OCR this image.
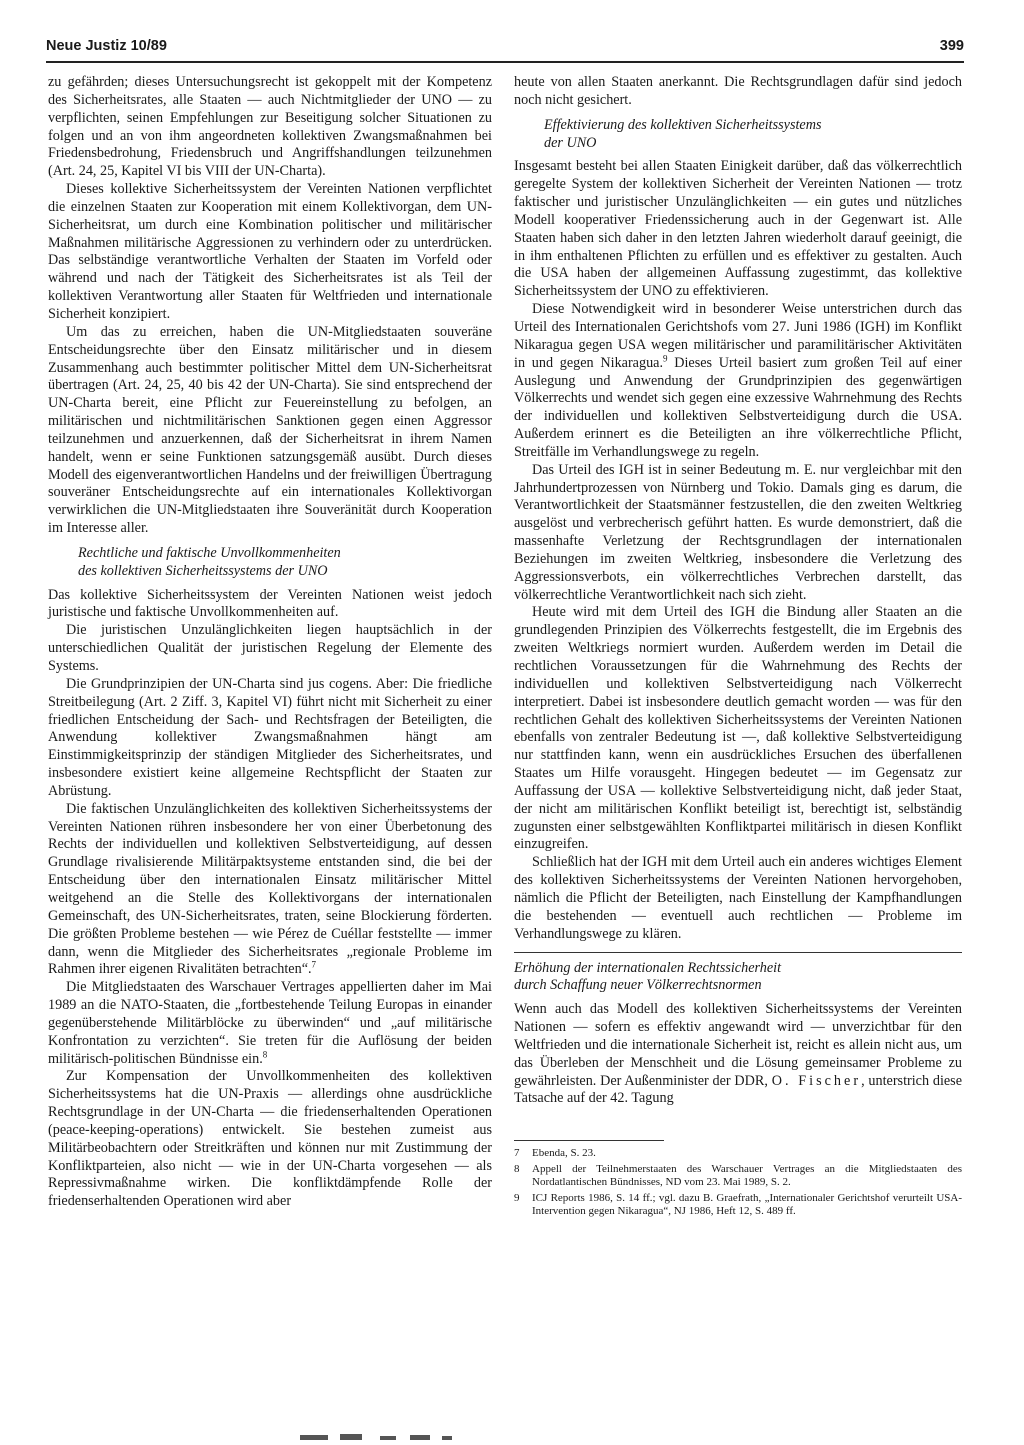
Neue Justiz 10/89	399

zu gefährden; dieses Untersuchungsrecht ist gekoppelt mit der Kompetenz des Sicherheitsrates, alle Staaten — auch Nichtmitglieder der UNO — zu verpflichten, seinen Empfehlungen zur Beseitigung solcher Situationen zu folgen und an von ihm angeordneten kollektiven Zwangsmaßnahmen bei Friedensbedrohung, Friedensbruch und Angriffshandlungen teilzunehmen (Art. 24, 25, Kapitel VI bis VIII der UN-Charta).

Dieses kollektive Sicherheitssystem der Vereinten Nationen verpflichtet die einzelnen Staaten zur Kooperation mit einem Kollektivorgan, dem UN-Sicherheitsrat, um durch eine Kombination politischer und militärischer Maßnahmen militärische Aggressionen zu verhindern oder zu unterdrücken. Das selbständige verantwortliche Verhalten der Staaten im Vorfeld oder während und nach der Tätigkeit des Sicherheitsrates ist als Teil der kollektiven Verantwortung aller Staaten für Weltfrieden und internationale Sicherheit konzipiert.

Um das zu erreichen, haben die UN-Mitgliedstaaten souveräne Entscheidungsrechte über den Einsatz militärischer und in diesem Zusammenhang auch bestimmter politischer Mittel dem UN-Sicherheitsrat übertragen (Art. 24, 25, 40 bis 42 der UN-Charta). Sie sind entsprechend der UN-Charta bereit, eine Pflicht zur Feuereinstellung zu befolgen, an militärischen und nichtmilitärischen Sanktionen gegen einen Aggressor teilzunehmen und anzuerkennen, daß der Sicherheitsrat in ihrem Namen handelt, wenn er seine Funktionen satzungsgemäß ausübt. Durch dieses Modell des eigenverantwortlichen Handelns und der freiwilligen Übertragung souveräner Entscheidungsrechte auf ein internationales Kollektivorgan verwirklichen die UN-Mitgliedstaaten ihre Souveränität durch Kooperation im Interesse aller.

Rechtliche und faktische Unvollkommenheiten
des kollektiven Sicherheitssystems der UNO

Das kollektive Sicherheitssystem der Vereinten Nationen weist jedoch juristische und faktische Unvollkommenheiten auf.

Die juristischen Unzulänglichkeiten liegen hauptsächlich in der unterschiedlichen Qualität der juristischen Regelung der Elemente des Systems.

Die Grundprinzipien der UN-Charta sind jus cogens. Aber: Die friedliche Streitbeilegung (Art. 2 Ziff. 3, Kapitel VI) führt nicht mit Sicherheit zu einer friedlichen Entscheidung der Sach- und Rechtsfragen der Beteiligten, die Anwendung kollektiver Zwangsmaßnahmen hängt am Einstimmigkeitsprinzip der ständigen Mitglieder des Sicherheitsrates, und insbesondere existiert keine allgemeine Rechtspflicht der Staaten zur Abrüstung.

Die faktischen Unzulänglichkeiten des kollektiven Sicherheitssystems der Vereinten Nationen rühren insbesondere her von einer Überbetonung des Rechts der individuellen und kollektiven Selbstverteidigung, auf dessen Grundlage rivalisierende Militärpaktsysteme entstanden sind, die bei der Entscheidung über den internationalen Einsatz militärischer Mittel weitgehend an die Stelle des Kollektivorgans der internationalen Gemeinschaft, des UN-Sicherheitsrates, traten, seine Blockierung förderten. Die größten Probleme bestehen — wie Pérez de Cuéllar feststellte — immer dann, wenn die Mitglieder des Sicherheitsrates „regionale Probleme im Rahmen ihrer eigenen Rivalitäten betrachten“.$^7$

Die Mitgliedstaaten des Warschauer Vertrages appellierten daher im Mai 1989 an die NATO-Staaten, die „fortbestehende Teilung Europas in einander gegenüberstehende Militärblöcke zu überwinden“ und „auf militärische Konfrontation zu verzichten“. Sie treten für die Auflösung der beiden militärisch-politischen Bündnisse ein.$^8$

Zur Kompensation der Unvollkommenheiten des kollektiven Sicherheitssystems hat die UN-Praxis — allerdings ohne ausdrückliche Rechtsgrundlage in der UN-Charta — die friedenserhaltenden Operationen (peace-keeping-operations) entwickelt. Sie bestehen zumeist aus Militärbeobachtern oder Streitkräften und können nur mit Zustimmung der Konfliktparteien, also nicht — wie in der UN-Charta vorgesehen — als Repressivmaßnahme wirken. Die konfliktdämpfende Rolle der friedenserhaltenden Operationen wird aber

heute von allen Staaten anerkannt. Die Rechtsgrundlagen dafür sind jedoch noch nicht gesichert.

Effektivierung des kollektiven Sicherheitssystems
der UNO

Insgesamt besteht bei allen Staaten Einigkeit darüber, daß das völkerrechtlich geregelte System der kollektiven Sicherheit der Vereinten Nationen — trotz faktischer und juristischer Unzulänglichkeiten — ein gutes und nützliches Modell kooperativer Friedenssicherung auch in der Gegenwart ist. Alle Staaten haben sich daher in den letzten Jahren wiederholt darauf geeinigt, die in ihm enthaltenen Pflichten zu erfüllen und es effektiver zu gestalten. Auch die USA haben der allgemeinen Auffassung zugestimmt, das kollektive Sicherheitssystem der UNO zu effektivieren.

Diese Notwendigkeit wird in besonderer Weise unterstrichen durch das Urteil des Internationalen Gerichtshofs vom 27. Juni 1986 (IGH) im Konflikt Nikaragua gegen USA wegen militärischer und paramilitärischer Aktivitäten in und gegen Nikaragua.$^9$ Dieses Urteil basiert zum großen Teil auf einer Auslegung und Anwendung der Grundprinzipien des gegenwärtigen Völkerrechts und wendet sich gegen eine exzessive Wahrnehmung des Rechts der individuellen und kollektiven Selbstverteidigung durch die USA. Außerdem erinnert es die Beteiligten an ihre völkerrechtliche Pflicht, Streitfälle im Verhandlungswege zu regeln.

Das Urteil des IGH ist in seiner Bedeutung m. E. nur vergleichbar mit den Jahrhundertprozessen von Nürnberg und Tokio. Damals ging es darum, die Verantwortlichkeit der Staatsmänner festzustellen, die den zweiten Weltkrieg ausgelöst und verbrecherisch geführt hatten. Es wurde demonstriert, daß die massenhafte Verletzung der Rechtsgrundlagen der internationalen Beziehungen im zweiten Weltkrieg, insbesondere die Verletzung des Aggressionsverbots, ein völkerrechtliches Verbrechen darstellt, das völkerrechtliche Verantwortlichkeit nach sich zieht.

Heute wird mit dem Urteil des IGH die Bindung aller Staaten an die grundlegenden Prinzipien des Völkerrechts festgestellt, die im Ergebnis des zweiten Weltkriegs normiert wurden. Außerdem werden im Detail die rechtlichen Voraussetzungen für die Wahrnehmung des Rechts der individuellen und kollektiven Selbstverteidigung nach Völkerrecht interpretiert. Dabei ist insbesondere deutlich gemacht worden — was für den rechtlichen Gehalt des kollektiven Sicherheitssystems der Vereinten Nationen ebenfalls von zentraler Bedeutung ist —, daß kollektive Selbstverteidigung nur stattfinden kann, wenn ein ausdrückliches Ersuchen des überfallenen Staates um Hilfe vorausgeht. Hingegen bedeutet — im Gegensatz zur Auffassung der USA — kollektive Selbstverteidigung nicht, daß jeder Staat, der nicht am militärischen Konflikt beteiligt ist, berechtigt ist, selbständig zugunsten einer selbstgewählten Konfliktpartei militärisch in diesen Konflikt einzugreifen.

Schließlich hat der IGH mit dem Urteil auch ein anderes wichtiges Element des kollektiven Sicherheitssystems der Vereinten Nationen hervorgehoben, nämlich die Pflicht der Beteiligten, nach Einstellung der Kampfhandlungen die bestehenden — eventuell auch rechtlichen — Probleme im Verhandlungswege zu klären.

Erhöhung der internationalen Rechtssicherheit
durch Schaffung neuer Völkerrechtsnormen

Wenn auch das Modell des kollektiven Sicherheitssystems der Vereinten Nationen — sofern es effektiv angewandt wird — unverzichtbar für den Weltfrieden und die internationale Sicherheit ist, reicht es allein nicht aus, um das Überleben der Menschheit und die Lösung gemeinsamer Probleme zu gewährleisten. Der Außenminister der DDR, O. Fischer, unterstrich diese Tatsache auf der 42. Tagung

7	Ebenda, S. 23.
8	Appell der Teilnehmerstaaten des Warschauer Vertrages an die Mitgliedstaaten des Nordatlantischen Bündnisses, ND vom 23. Mai 1989, S. 2.
9	ICJ Reports 1986, S. 14 ff.; vgl. dazu B. Graefrath, „Internationaler Gerichtshof verurteilt USA-Intervention gegen Nikaragua“, NJ 1986, Heft 12, S. 489 ff.
